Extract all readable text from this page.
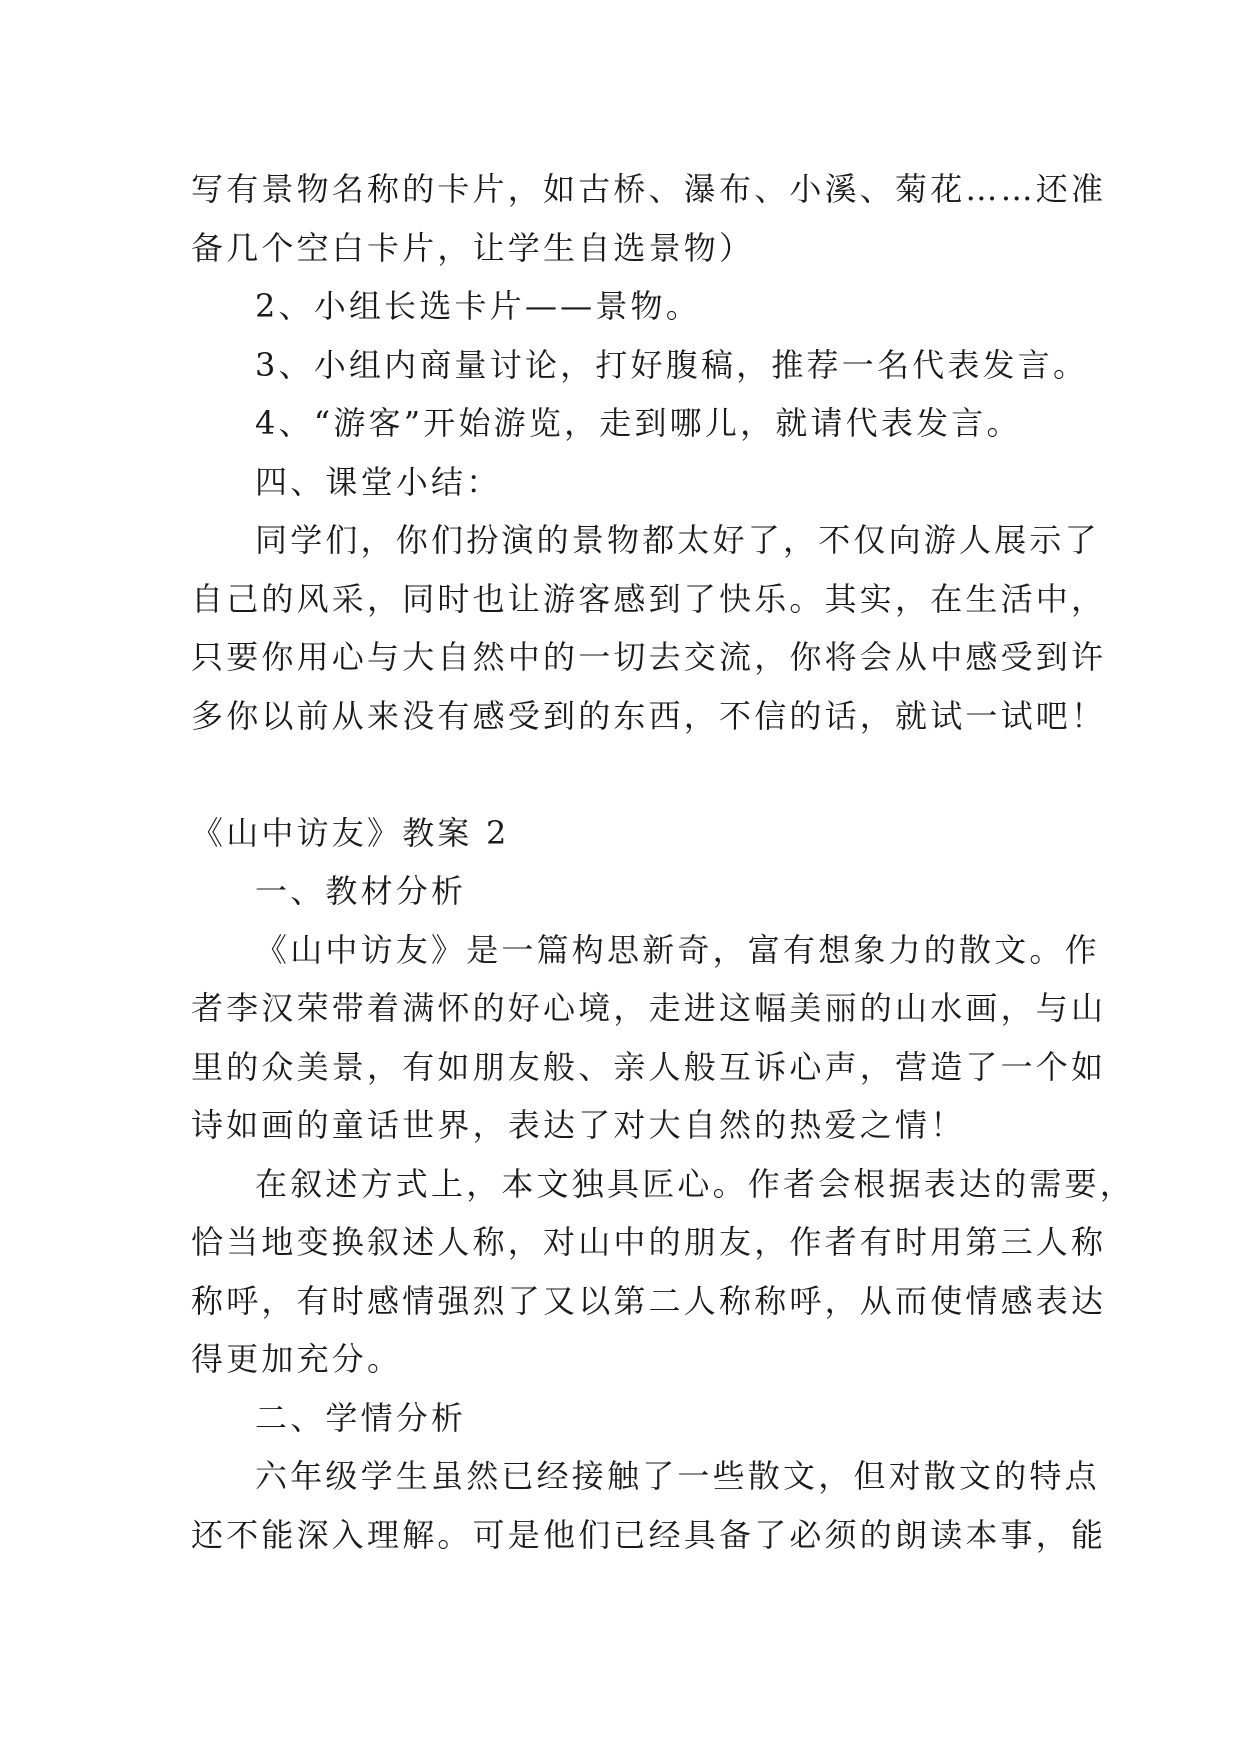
写有景物名称的卡片，如古桥、瀑布、小溪、菊花……还准
备几个空白卡片，让学生自选景物）
2、小组长选卡片——景物。
3、小组内商量讨论，打好腹稿，推荐一名代表发言。
4、“游客”开始游览，走到哪儿，就请代表发言。
四、课堂小结：
同学们，你们扮演的景物都太好了，不仅向游人展示了
自己的风采，同时也让游客感到了快乐。其实，在生活中，
只要你用心与大自然中的一切去交流，你将会从中感受到许
多你以前从来没有感受到的东西，不信的话，就试一试吧！
《山中访友》教案 2
一、教材分析
《山中访友》是一篇构思新奇，富有想象力的散文。作
者李汉荣带着满怀的好心境，走进这幅美丽的山水画，与山
里的众美景，有如朋友般、亲人般互诉心声，营造了一个如
诗如画的童话世界，表达了对大自然的热爱之情！
在叙述方式上，本文独具匠心。作者会根据表达的需要，
恰当地变换叙述人称，对山中的朋友，作者有时用第三人称
称呼，有时感情强烈了又以第二人称称呼，从而使情感表达
得更加充分。
二、学情分析
六年级学生虽然已经接触了一些散文，但对散文的特点
还不能深入理解。可是他们已经具备了必须的朗读本事，能
